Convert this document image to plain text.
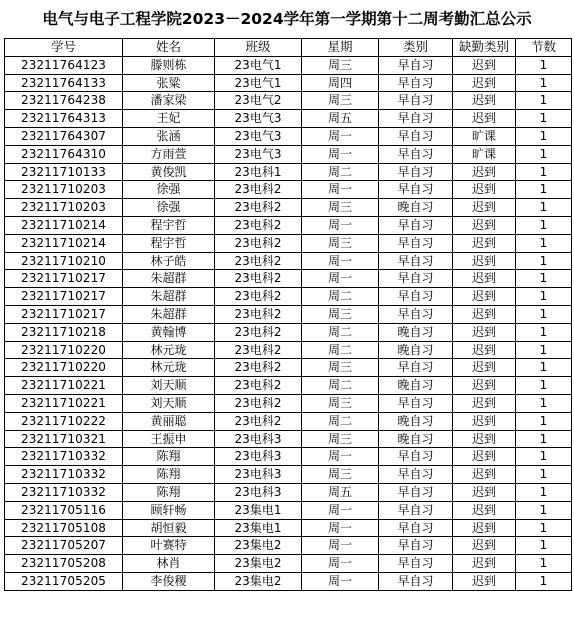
电气与电子工程学院2023－2024学年第一学期第十二周考勤汇总公示
学号	姓名	班级	星期	类别	缺勤类别	节数
23211764123	滕则栋	23电气1	周三	早自习	迟到	1
23211764133	张粱	23电气1	周四	早自习	迟到	1
23211764238	潘家梁	23电气2	周三	早自习	迟到	1
23211764313	王妃	23电气3	周五	早自习	迟到	1
23211764307	张涵	23电气3	周一	早自习	旷课	1
23211764310	方雨萱	23电气3	周一	早自习	旷课	1
23211710133	黄俊凯	23电科1	周二	早自习	迟到	1
23211710203	徐强	23电科2	周一	早自习	迟到	1
23211710203	徐强	23电科2	周三	晚自习	迟到	1
23211710214	程宇哲	23电科2	周一	早自习	迟到	1
23211710214	程宇哲	23电科2	周三	早自习	迟到	1
23211710210	林子皓	23电科2	周一	早自习	迟到	1
23211710217	朱超群	23电科2	周一	早自习	迟到	1
23211710217	朱超群	23电科2	周二	早自习	迟到	1
23211710217	朱超群	23电科2	周三	早自习	迟到	1
23211710218	黄翰博	23电科2	周二	晚自习	迟到	1
23211710220	林元珑	23电科2	周二	晚自习	迟到	1
23211710220	林元珑	23电科2	周三	早自习	迟到	1
23211710221	刘天顺	23电科2	周二	晚自习	迟到	1
23211710221	刘天顺	23电科2	周三	早自习	迟到	1
23211710222	黄丽聪	23电科2	周二	晚自习	迟到	1
23211710321	王振申	23电科3	周三	晚自习	迟到	1
23211710332	陈翔	23电科3	周一	早自习	迟到	1
23211710332	陈翔	23电科3	周三	早自习	迟到	1
23211710332	陈翔	23电科3	周五	早自习	迟到	1
23211705116	顾轩畅	23集电1	周一	早自习	迟到	1
23211705108	胡恒毅	23集电1	周一	早自习	迟到	1
23211705207	叶赛特	23集电2	周一	早自习	迟到	1
23211705208	林肖	23集电2	周一	早自习	迟到	1
23211705205	李俊稷	23集电2	周一	早自习	迟到	1
